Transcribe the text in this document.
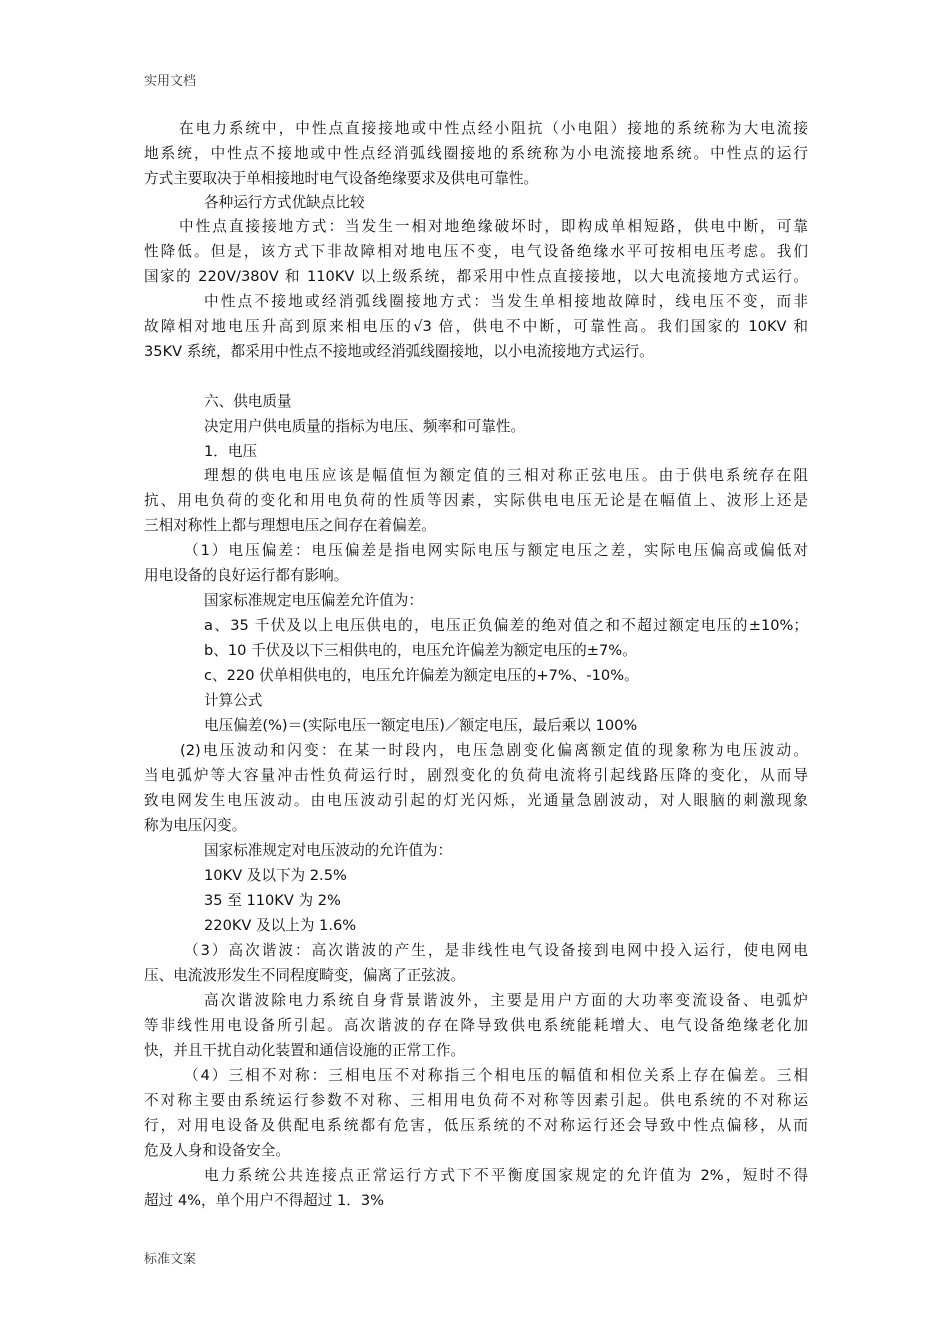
实用文档
在电力系统中，中性点直接接地或中性点经小阻抗（小电阻）接地的系统称为大电流接
地系统，中性点不接地或中性点经消弧线圈接地的系统称为小电流接地系统。中性点的运行
方式主要取决于单相接地时电气设备绝缘要求及供电可靠性。
各种运行方式优缺点比较
中性点直接接地方式：当发生一相对地绝缘破坏时，即构成单相短路，供电中断，可靠
性降低。但是，该方式下非故障相对地电压不变，电气设备绝缘水平可按相电压考虑。我们
国家的 220V/380V 和 110KV 以上级系统，都采用中性点直接接地，以大电流接地方式运行。
中性点不接地或经消弧线圈接地方式：当发生单相接地故障时，线电压不变，而非
故障相对地电压升高到原来相电压的√3 倍，供电不中断，可靠性高。我们国家的 10KV 和
35KV 系统，都采用中性点不接地或经消弧线圈接地，以小电流接地方式运行。
六、供电质量
决定用户供电质量的指标为电压、频率和可靠性。
1．电压
理想的供电电压应该是幅值恒为额定值的三相对称正弦电压。由于供电系统存在阻
抗、用电负荷的变化和用电负荷的性质等因素，实际供电电压无论是在幅值上、波形上还是
三相对称性上都与理想电压之间存在着偏差。
（1）电压偏差：电压偏差是指电网实际电压与额定电压之差，实际电压偏高或偏低对
用电设备的良好运行都有影响。
国家标准规定电压偏差允许值为：
a、35 千伏及以上电压供电的，电压正负偏差的绝对值之和不超过额定电压的±10%；
b、10 千伏及以下三相供电的，电压允许偏差为额定电压的±7%。
c、220 伏单相供电的，电压允许偏差为额定电压的+7%、-10%。
计算公式
电压偏差(%)＝(实际电压一额定电压)／额定电压，最后乘以 100%
(2)电压波动和闪变：在某一时段内，电压急剧变化偏离额定值的现象称为电压波动。
当电弧炉等大容量冲击性负荷运行时，剧烈变化的负荷电流将引起线路压降的变化，从而导
致电网发生电压波动。由电压波动引起的灯光闪烁，光通量急剧波动，对人眼脑的刺激现象
称为电压闪变。
国家标准规定对电压波动的允许值为：
10KV 及以下为 2.5%
35 至 110KV 为 2%
220KV 及以上为 1.6%
（3）高次谐波：高次谐波的产生，是非线性电气设备接到电网中投入运行，使电网电
压、电流波形发生不同程度畸变，偏离了正弦波。
高次谐波除电力系统自身背景谐波外，主要是用户方面的大功率变流设备、电弧炉
等非线性用电设备所引起。高次谐波的存在降导致供电系统能耗增大、电气设备绝缘老化加
快，并且干扰自动化装置和通信设施的正常工作。
（4）三相不对称：三相电压不对称指三个相电压的幅值和相位关系上存在偏差。三相
不对称主要由系统运行参数不对称、三相用电负荷不对称等因素引起。供电系统的不对称运
行，对用电设备及供配电系统都有危害，低压系统的不对称运行还会导致中性点偏移，从而
危及人身和设备安全。
电力系统公共连接点正常运行方式下不平衡度国家规定的允许值为 2%，短时不得
超过 4%，单个用户不得超过 1．3%
标准文案
